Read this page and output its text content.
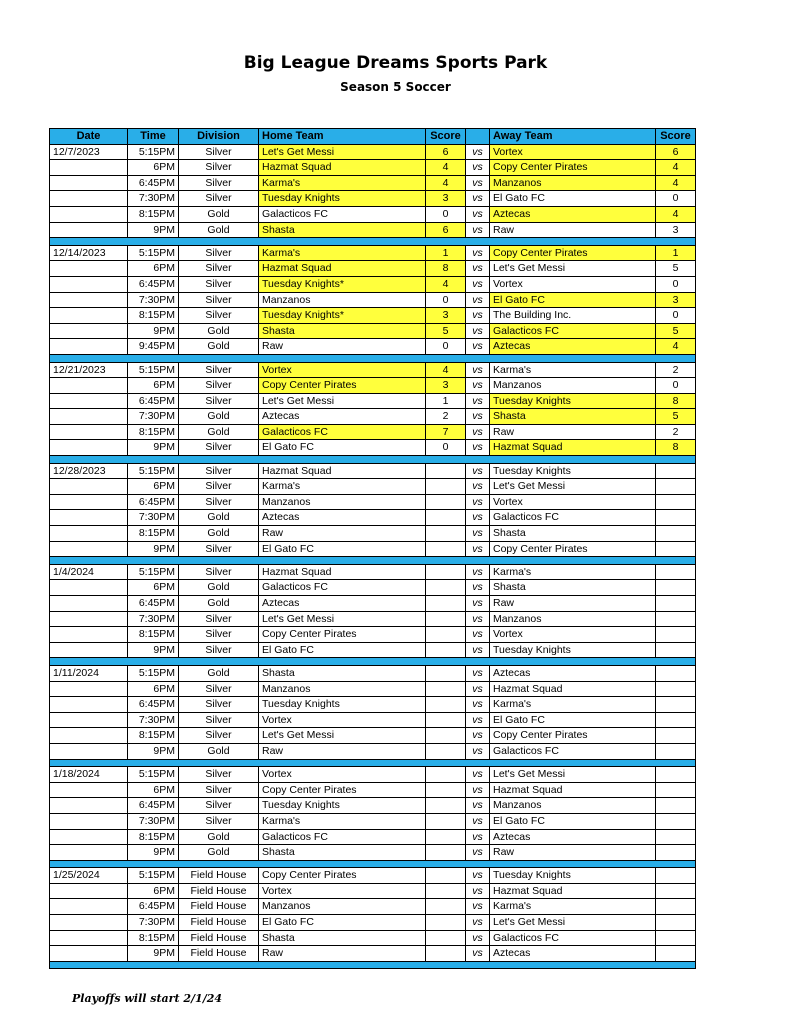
Big League Dreams Sports Park
Season 5 Soccer
Date	Time	Division	Home Team	Score		Away Team	Score
12/7/2023	5:15PM	Silver	Let's Get Messi	6	vs	Vortex	6
	6PM	Silver	Hazmat Squad	4	vs	Copy Center Pirates	4
	6:45PM	Silver	Karma's	4	vs	Manzanos	4
	7:30PM	Silver	Tuesday Knights	3	vs	El Gato FC	0
	8:15PM	Gold	Galacticos FC	0	vs	Aztecas	4
	9PM	Gold	Shasta	6	vs	Raw	3

12/14/2023	5:15PM	Silver	Karma's	1	vs	Copy Center Pirates	1
	6PM	Silver	Hazmat Squad	8	vs	Let's Get Messi	5
	6:45PM	Silver	Tuesday Knights*	4	vs	Vortex	0
	7:30PM	Silver	Manzanos	0	vs	El Gato FC	3
	8:15PM	Silver	Tuesday Knights*	3	vs	The Building Inc.	0
	9PM	Gold	Shasta	5	vs	Galacticos FC	5
	9:45PM	Gold	Raw	0	vs	Aztecas	4

12/21/2023	5:15PM	Silver	Vortex	4	vs	Karma's	2
	6PM	Silver	Copy Center Pirates	3	vs	Manzanos	0
	6:45PM	Silver	Let's Get Messi	1	vs	Tuesday Knights	8
	7:30PM	Gold	Aztecas	2	vs	Shasta	5
	8:15PM	Gold	Galacticos FC	7	vs	Raw	2
	9PM	Silver	El Gato FC	0	vs	Hazmat Squad	8

12/28/2023	5:15PM	Silver	Hazmat Squad		vs	Tuesday Knights	
	6PM	Silver	Karma's		vs	Let's Get Messi	
	6:45PM	Silver	Manzanos		vs	Vortex	
	7:30PM	Gold	Aztecas		vs	Galacticos FC	
	8:15PM	Gold	Raw		vs	Shasta	
	9PM	Silver	El Gato FC		vs	Copy Center Pirates	

1/4/2024	5:15PM	Silver	Hazmat Squad		vs	Karma's	
	6PM	Gold	Galacticos FC		vs	Shasta	
	6:45PM	Gold	Aztecas		vs	Raw	
	7:30PM	Silver	Let's Get Messi		vs	Manzanos	
	8:15PM	Silver	Copy Center Pirates		vs	Vortex	
	9PM	Silver	El Gato FC		vs	Tuesday Knights	

1/11/2024	5:15PM	Gold	Shasta		vs	Aztecas	
	6PM	Silver	Manzanos		vs	Hazmat Squad	
	6:45PM	Silver	Tuesday Knights		vs	Karma's	
	7:30PM	Silver	Vortex		vs	El Gato FC	
	8:15PM	Silver	Let's Get Messi		vs	Copy Center Pirates	
	9PM	Gold	Raw		vs	Galacticos FC	

1/18/2024	5:15PM	Silver	Vortex		vs	Let's Get Messi	
	6PM	Silver	Copy Center Pirates		vs	Hazmat Squad	
	6:45PM	Silver	Tuesday Knights		vs	Manzanos	
	7:30PM	Silver	Karma's		vs	El Gato FC	
	8:15PM	Gold	Galacticos FC		vs	Aztecas	
	9PM	Gold	Shasta		vs	Raw	

1/25/2024	5:15PM	Field House	Copy Center Pirates		vs	Tuesday Knights	
	6PM	Field House	Vortex		vs	Hazmat Squad	
	6:45PM	Field House	Manzanos		vs	Karma's	
	7:30PM	Field House	El Gato FC		vs	Let's Get Messi	
	8:15PM	Field House	Shasta		vs	Galacticos FC	
	9PM	Field House	Raw		vs	Aztecas	

Playoffs will start 2/1/24
